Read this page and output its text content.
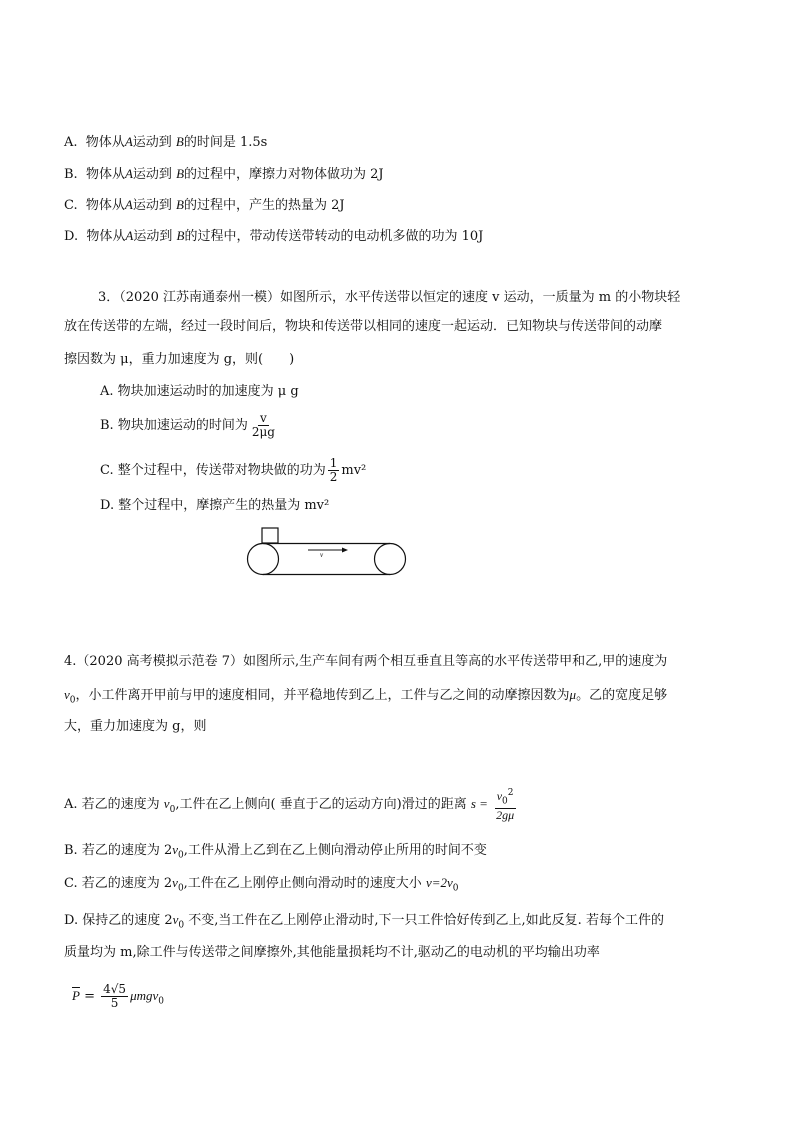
A. 物体从A运动到 B的时间是 1.5s
B. 物体从A运动到 B的过程中，摩擦力对物体做功为 2J
C. 物体从A运动到 B的过程中，产生的热量为 2J
D. 物体从A运动到 B的过程中，带动传送带转动的电动机多做的功为 10J
3．（2020 江苏南通泰州一模）如图所示，水平传送带以恒定的速度 v 运动，一质量为 m 的小物块轻
放在传送带的左端，经过一段时间后，物块和传送带以相同的速度一起运动．已知物块与传送带间的动摩
擦因数为 μ，重力加速度为 g，则(　　)
A. 物块加速运动时的加速度为 μ g
B. 物块加速运动的时间为 $\frac{v}{2\mu g}$
C. 整个过程中，传送带对物块做的功为 $\frac{1}{2} mv^2$
D. 整个过程中，摩擦产生的热量为 mv²
v
4.（2020 高考模拟示范卷 7）如图所示,生产车间有两个相互垂直且等高的水平传送带甲和乙,甲的速度为
$v_0$，小工件离开甲前与甲的速度相同，并平稳地传到乙上，工件与乙之间的动摩擦因数为μ。乙的宽度足够
大，重力加速度为 g，则
A. 若乙的速度为 $v_0$,工件在乙上侧向( 垂直于乙的运动方向)滑过的距离 $s = \frac{v_0^2}{2g\mu}$
B. 若乙的速度为 $2v_0$,工件从滑上乙到在乙上侧向滑动停止所用的时间不变
C. 若乙的速度为 $2v_0$,工件在乙上刚停止侧向滑动时的速度大小 $v=2v_0$
D. 保持乙的速度 $2v_0$ 不变,当工件在乙上刚停止滑动时,下一只工件恰好传到乙上,如此反复. 若每个工件的
质量均为 m,除工件与传送带之间摩擦外,其他能量损耗均不计,驱动乙的电动机的平均输出功率
$\overline{P} = \frac{4√5}{5} \mu mgv_0$
